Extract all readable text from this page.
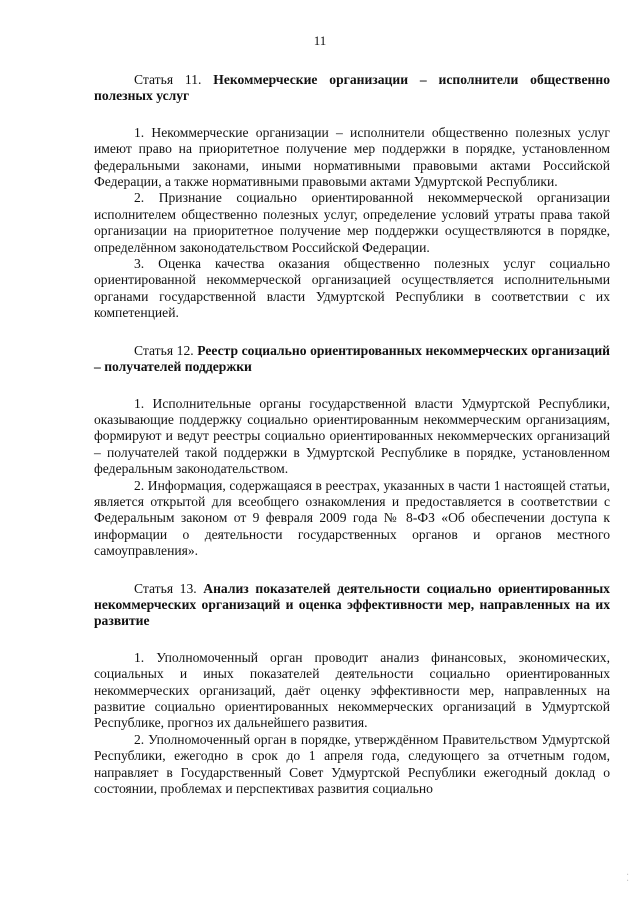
11

Статья 11. Некоммерческие организации – исполнители общественно полезных услуг

1. Некоммерческие организации – исполнители общественно полезных услуг имеют право на приоритетное получение мер поддержки в порядке, установленном федеральными законами, иными нормативными правовыми актами Российской Федерации, а также нормативными правовыми актами Удмуртской Республики.

2. Признание социально ориентированной некоммерческой организации исполнителем общественно полезных услуг, определение условий утраты права такой организации на приоритетное получение мер поддержки осуществляются в порядке, определённом законодательством Российской Федерации.

3. Оценка качества оказания общественно полезных услуг социально ориентированной некоммерческой организацией осуществляется исполнительными органами государственной власти Удмуртской Республики в соответствии с их компетенцией.

Статья 12. Реестр социально ориентированных некоммерческих организаций – получателей поддержки

1. Исполнительные органы государственной власти Удмуртской Республики, оказывающие поддержку социально ориентированным некоммерческим организациям, формируют и ведут реестры социально ориентированных некоммерческих организаций – получателей такой поддержки в Удмуртской Республике в порядке, установленном федеральным законодательством.

2. Информация, содержащаяся в реестрах, указанных в части 1 настоящей статьи, является открытой для всеобщего ознакомления и предоставляется в соответствии с Федеральным законом от 9 февраля 2009 года № 8-ФЗ «Об обеспечении доступа к информации о деятельности государственных органов и органов местного самоуправления».

Статья 13. Анализ показателей деятельности социально ориентированных некоммерческих организаций и оценка эффективности мер, направленных на их развитие

1. Уполномоченный орган проводит анализ финансовых, экономических, социальных и иных показателей деятельности социально ориентированных некоммерческих организаций, даёт оценку эффективности мер, направленных на развитие социально ориентированных некоммерческих организаций в Удмуртской Республике, прогноз их дальнейшего развития.

2. Уполномоченный орган в порядке, утверждённом Правительством Удмуртской Республики, ежегодно в срок до 1 апреля года, следующего за отчетным годом, направляет в Государственный Совет Удмуртской Республики ежегодный доклад о состоянии, проблемах и перспективах развития социально

⁚
